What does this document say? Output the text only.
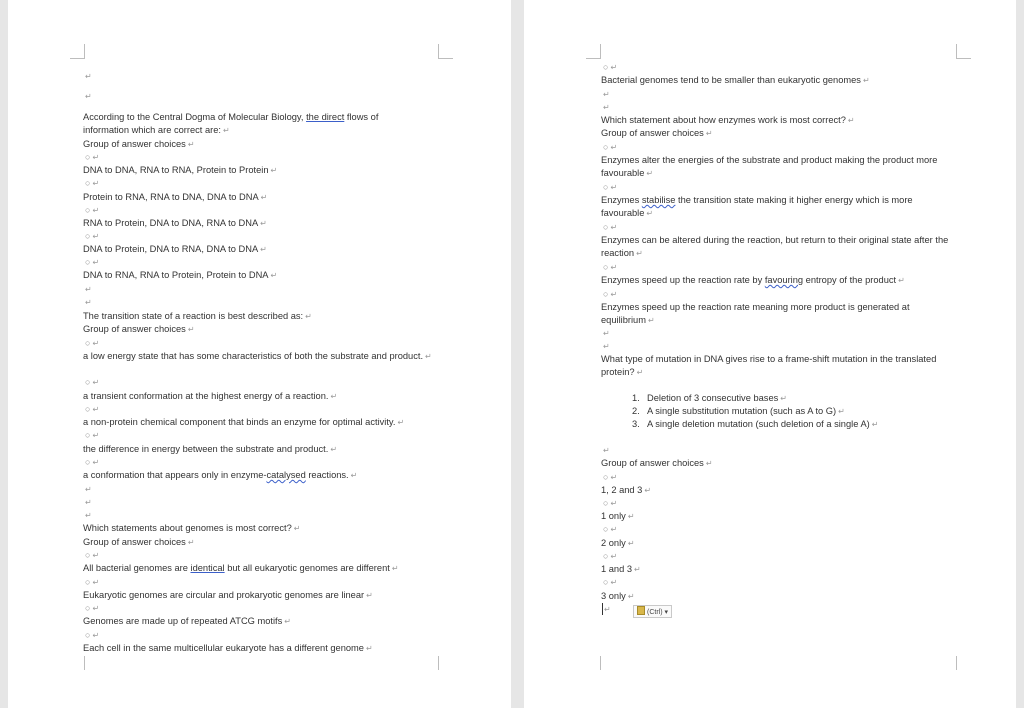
↵
↵
According to the Central Dogma of Molecular Biology, the direct flows of
information which are correct are: ↵
Group of answer choices ↵
○ ↵
DNA to DNA, RNA to RNA, Protein to Protein ↵
○ ↵
Protein to RNA, RNA to DNA, DNA to DNA ↵
○ ↵
RNA to Protein, DNA to DNA, RNA to DNA ↵
○ ↵
DNA to Protein, DNA to RNA, DNA to DNA ↵
○ ↵
DNA to RNA, RNA to Protein, Protein to DNA ↵
↵
↵
The transition state of a reaction is best described as: ↵
Group of answer choices ↵
○ ↵
a low energy state that has some characteristics of both the substrate and product. ↵
○ ↵
a transient conformation at the highest energy of a reaction. ↵
○ ↵
a non-protein chemical component that binds an enzyme for optimal activity. ↵
○ ↵
the difference in energy between the substrate and product. ↵
○ ↵
a conformation that appears only in enzyme-catalysed reactions. ↵
↵
↵
↵
Which statements about genomes is most correct? ↵
Group of answer choices ↵
○ ↵
All bacterial genomes are identical but all eukaryotic genomes are different ↵
○ ↵
Eukaryotic genomes are circular and prokaryotic genomes are linear ↵
○ ↵
Genomes are made up of repeated ATCG motifs ↵
○ ↵
Each cell in the same multicellular eukaryote has a different genome ↵
○ ↵
Bacterial genomes tend to be smaller than eukaryotic genomes ↵
↵
↵
Which statement about how enzymes work is most correct? ↵
Group of answer choices ↵
○ ↵
Enzymes alter the energies of the substrate and product making the product more favourable ↵
○ ↵
Enzymes stabilise the transition state making it higher energy which is more favourable ↵
○ ↵
Enzymes can be altered during the reaction, but return to their original state after the reaction ↵
○ ↵
Enzymes speed up the reaction rate by favouring entropy of the product ↵
○ ↵
Enzymes speed up the reaction rate meaning more product is generated at equilibrium ↵
↵
↵
What type of mutation in DNA gives rise to a frame-shift mutation in the translated protein? ↵
1. Deletion of 3 consecutive bases ↵
2. A single substitution mutation (such as A to G) ↵
3. A single deletion mutation (such deletion of a single A) ↵
↵
Group of answer choices ↵
○ ↵
1, 2 and 3 ↵
○ ↵
1 only ↵
○ ↵
2 only ↵
○ ↵
1 and 3 ↵
○ ↵
3 only ↵
↵	(Ctrl) ▾
